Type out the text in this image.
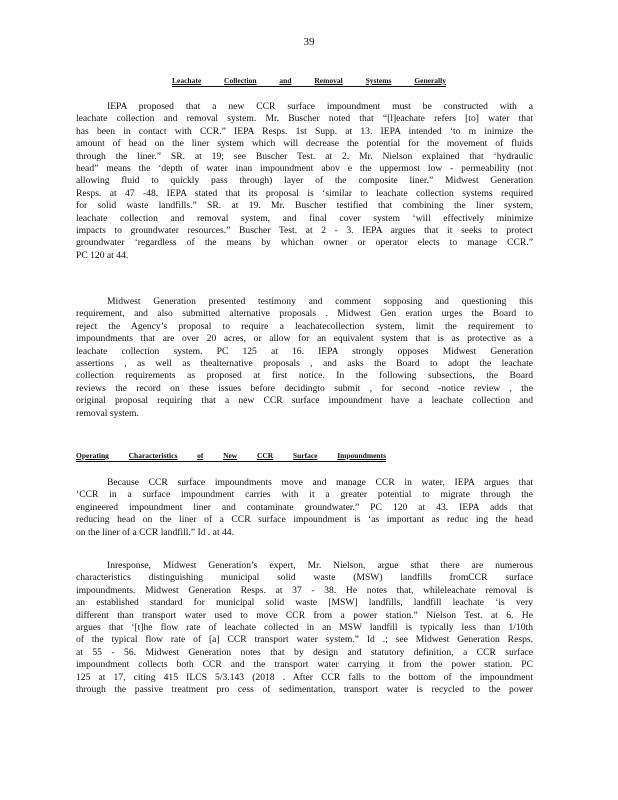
39
Leachate	Collection	and	Removal	Systems	Generally
IEPA proposed that a new CCR surface impoundment must be constructed with a
leachate collection and removal system. Mr. Buscher noted that “[l]eachate refers [to] water that
has been in contact with CCR.” IEPA Resps. 1st Supp. at 13. IEPA intended ‘to m inimize the
amount of head on the liner system which will decrease the potential for the movement of fluids
through the liner.” SR. at 19; see Buscher Test. at 2. Mr. Nielson explained that ‘hydraulic
head” means the ‘depth of water inan impoundment abov e the uppermost low - permeability (not
allowing fluid to quickly pass through) layer of the composite liner.” Midwest Generation
Resps. at 47 -48. IEPA stated that its proposal is ‘similar to leachate collection systems required
for solid waste landfills.” SR. at 19. Mr. Buscher testified that combining the liner system,
leachate collection and removal system, and final cover system ‘will effectively minimize
impacts to groundwater resources.” Buscher Test. at 2 - 3. IEPA argues that it seeks to protect
groundwater ‘regardless of the means by whichan owner or operator elects to manage CCR.”
PC 120 at 44.
Midwest Generation presented testimony and comment sopposing and questioning this
requirement, and also submitted alternative proposals . Midwest Gen eration urges the Board to
reject the Agency’s proposal to require a leachatecollection system, limit the requirement to
impoundments that are over 20 acres, or allow for an equivalent system that is as protective as a
leachate collection system. PC 125 at 16. IEPA strongly opposes Midwest Generation
assertions , as well as thealternative proposals , and asks the Board to adopt the leachate
collection requirements as proposed at first notice. In the following subsections, the Board
reviews the record on these issues before decidingto submit , for second -notice review , the
original proposal requiring that a new CCR surface impoundment have a leachate collection and
removal system.
Operating	Characteristics	of	New	CCR	Surface	Impoundments
Because CCR surface impoundments move and manage CCR in water, IEPA argues that
‘CCR in a surface impoundment carries with it a greater potential to migrate through the
engineered impoundment liner and contaminate groundwater.” PC 120 at 43. IEPA adds that
reducing head on the liner of a CCR surface impoundment is ‘as important as reduc ing the head
on the liner of a CCR landfill.” Id . at 44.
Inresponse, Midwest Generation’s expert, Mr. Nielson, argue sthat there are numerous
characteristics distinguishing municipal solid waste (MSW) landfills fromCCR surface
impoundments. Midwest Generation Resps. at 37 - 38. He notes that, whileleachate removal is
an established standard for municipal solid waste [MSW] landfills, landfill leachate ‘is very
different than transport water used to move CCR from a power station.” Nielson Test. at 6. He
argues that ‘[t]he flow rate of leachate collected in an MSW landfill is typically less than 1/10th
of the typical flow rate of [a] CCR transport water system.” Id .; see Midwest Generation Resps.
at 55 - 56. Midwest Generation notes that by design and statutory definition, a CCR surface
impoundment collects both CCR and the transport water carrying it from the power station. PC
125 at 17, citing 415 ILCS 5/3.143 (2018 . After CCR falls to the bottom of the impoundment
through the passive treatment pro cess of sedimentation, transport water is recycled to the power
